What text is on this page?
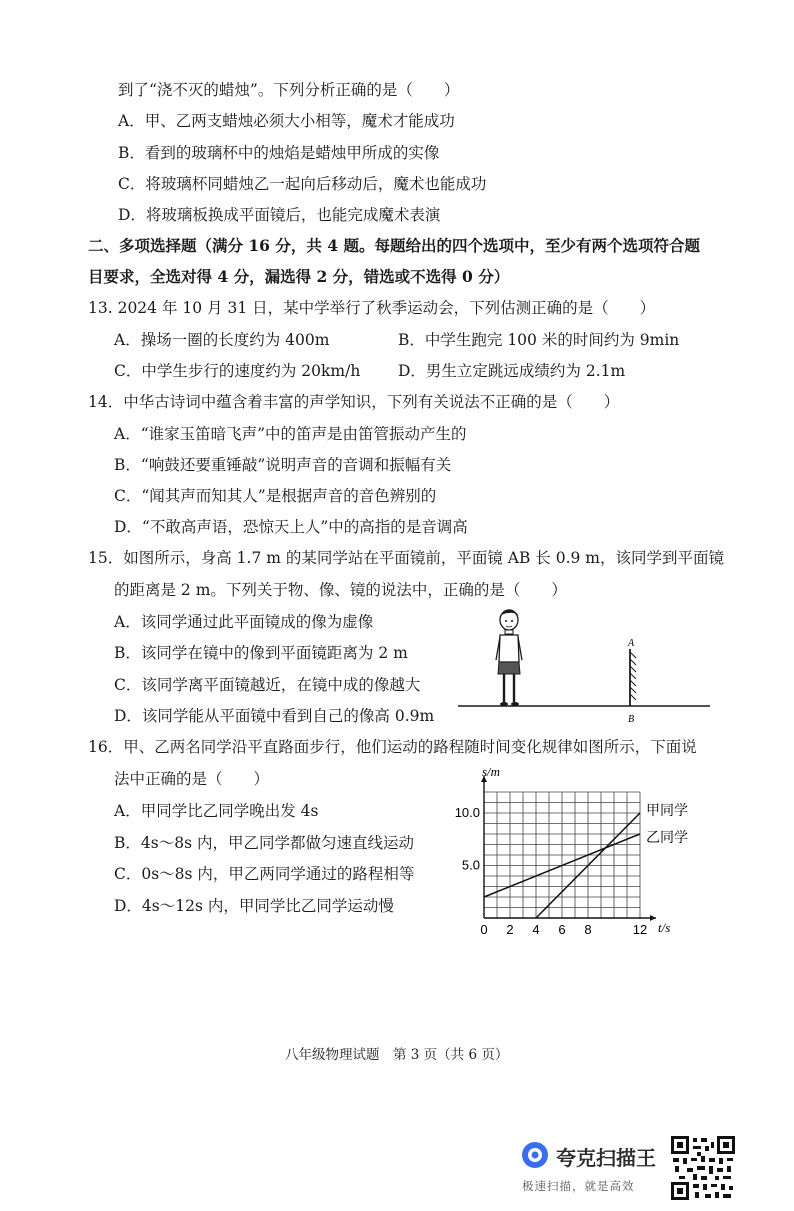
到了“浇不灭的蜡烛”。下列分析正确的是（　　）
A．甲、乙两支蜡烛必须大小相等，魔术才能成功
B．看到的玻璃杯中的烛焰是蜡烛甲所成的实像
C．将玻璃杯同蜡烛乙一起向后移动后，魔术也能成功
D．将玻璃板换成平面镜后，也能完成魔术表演
二、多项选择题（满分 16 分，共 4 题。每题给出的四个选项中，至少有两个选项符合题
目要求，全选对得 4 分，漏选得 2 分，错选或不选得 0 分）
13. 2024 年 10 月 31 日，某中学举行了秋季运动会，下列估测正确的是（　　）
A．操场一圈的长度约为 400m	B．中学生跑完 100 米的时间约为 9min
C．中学生步行的速度约为 20km/h D．男生立定跳远成绩约为 2.1m
14．中华古诗词中蕴含着丰富的声学知识，下列有关说法不正确的是（　　）
A．“谁家玉笛暗飞声”中的笛声是由笛管振动产生的
B．“响鼓还要重锤敲”说明声音的音调和振幅有关
C．“闻其声而知其人”是根据声音的音色辨别的
D．“不敢高声语，恐惊天上人”中的高指的是音调高
15．如图所示，身高 1.7 m 的某同学站在平面镜前，平面镜 AB 长 0.9 m，该同学到平面镜
的距离是 2 m。下列关于物、像、镜的说法中，正确的是（　　）
A．该同学通过此平面镜成的像为虚像
B．该同学在镜中的像到平面镜距离为 2 m
C．该同学离平面镜越近，在镜中成的像越大
D．该同学能从平面镜中看到自己的像高 0.9m
A
B
16．甲、乙两名同学沿平直路面步行，他们运动的路程随时间变化规律如图所示，下面说
法中正确的是（　　）
A．甲同学比乙同学晚出发 4s
B．4s～8s 内，甲乙同学都做匀速直线运动
C．0s～8s 内，甲乙两同学通过的路程相等
D．4s～12s 内，甲同学比乙同学运动慢
s/m
t/s
0 2 4 6 8	12
5.0
10.0	甲同学
乙同学
八年级物理试题　第 3 页（共 6 页）
夸克扫描王
极速扫描，就是高效
